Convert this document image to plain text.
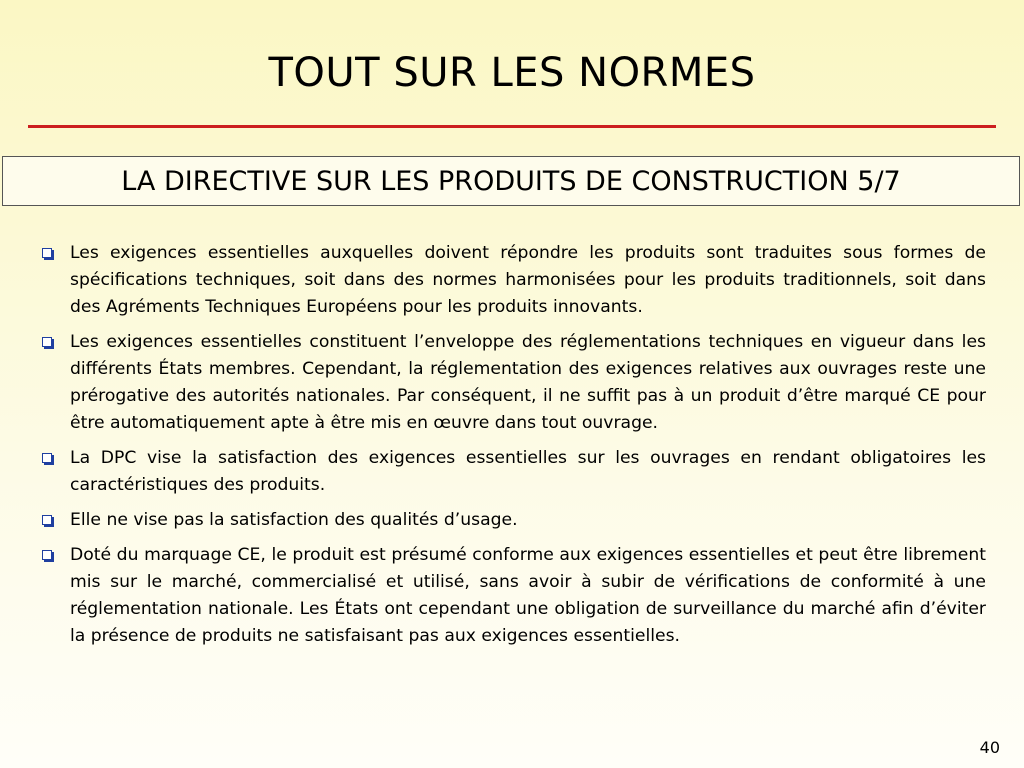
TOUT SUR LES NORMES
LA DIRECTIVE SUR LES PRODUITS DE CONSTRUCTION 5/7
Les exigences essentielles auxquelles doivent répondre les produits sont traduites sous formes de spécifications techniques, soit dans des normes harmonisées pour les produits traditionnels, soit dans des Agréments Techniques Européens pour les produits innovants.
Les exigences essentielles constituent l’enveloppe des réglementations techniques en vigueur dans les différents États membres. Cependant, la réglementation des exigences relatives aux ouvrages reste une prérogative des autorités nationales. Par conséquent, il ne suffit pas à un produit d’être marqué CE pour être automatiquement apte à être mis en œuvre dans tout ouvrage.
La DPC vise la satisfaction des exigences essentielles sur les ouvrages en rendant obligatoires les caractéristiques des produits.
Elle ne vise pas la satisfaction des qualités d’usage.
Doté du marquage CE, le produit est présumé conforme aux exigences essentielles et peut être librement mis sur le marché, commercialisé et utilisé, sans avoir à subir de vérifications de conformité à une réglementation nationale. Les États ont cependant une obligation de surveillance du marché afin d’éviter la présence de produits ne satisfaisant pas aux exigences essentielles.
40
